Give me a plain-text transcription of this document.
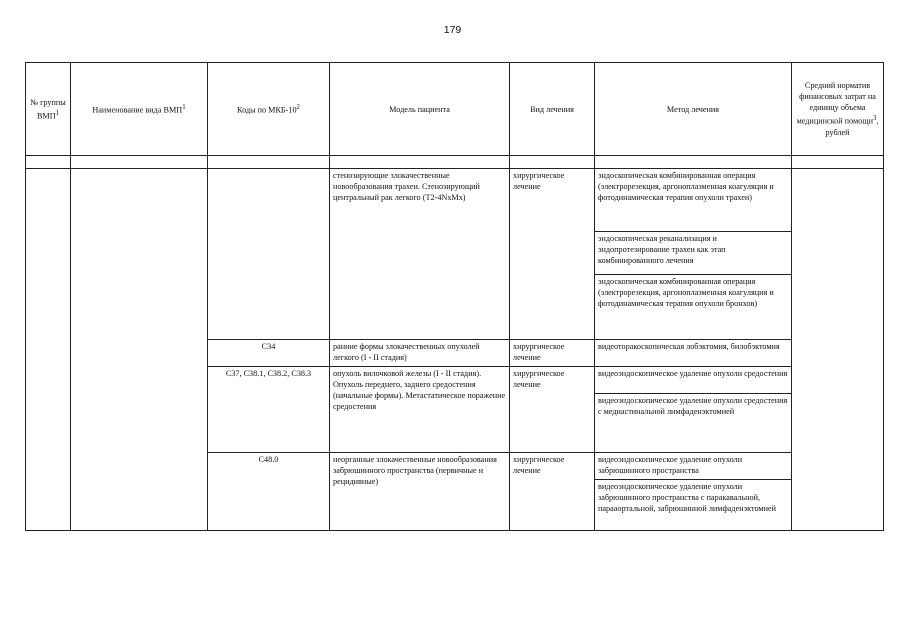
179
№ группы ВМП$^1$	Наименование вида ВМП$^1$	Коды по МКБ-$10^2$	Модель пациента	Вид лечения	Метод лечения	Средний норматив финансовых затрат на единицу объема медицинской помощи$^3$, рублей

			стенозирующие злокачественные новообразования трахеи. Стенозирующий центральный рак легкого (T2-4NxMx)	хирургическое лечение	эндоскопическая комбинированная операция (электрорезекция, аргоноплазменная коагуляция и фотодинамическая терапия опухоли трахеи)	
					эндоскопическая реканализация и эндопротезирование трахеи как этап комбинированного лечения	
					эндоскопическая комбинированная операция (электрорезекция, аргоноплазменная коагуляция и фотодинамическая терапия опухоли бронхов)	
		C34	ранние формы злокачественных опухолей легкого (I - II стадия)	хирургическое лечение	видеоторакоскопическая лобэктомия, билобэктомия	
		C37, C38.1, C38.2, C38.3	опухоль вилочковой железы (I - II стадия). Опухоль переднего, заднего средостения (начальные формы). Метастатическое поражение средостения	хирургическое лечение	видеоэндоскопическое удаление опухоли средостения	
					видеоэндоскопическое удаление опухоли средостения с медиастинальной лимфаденэктомией	
		C48.0	неорганные злокачественные новообразования забрюшинного пространства (первичные и рецидивные)	хирургическое лечение	видеоэндоскопическое удаление опухоли забрюшинного пространства	
					видеоэндоскопическое удаление опухоли забрюшинного пространства с паракавальной, парааортальной, забрюшинной лимфаденэктомией	
